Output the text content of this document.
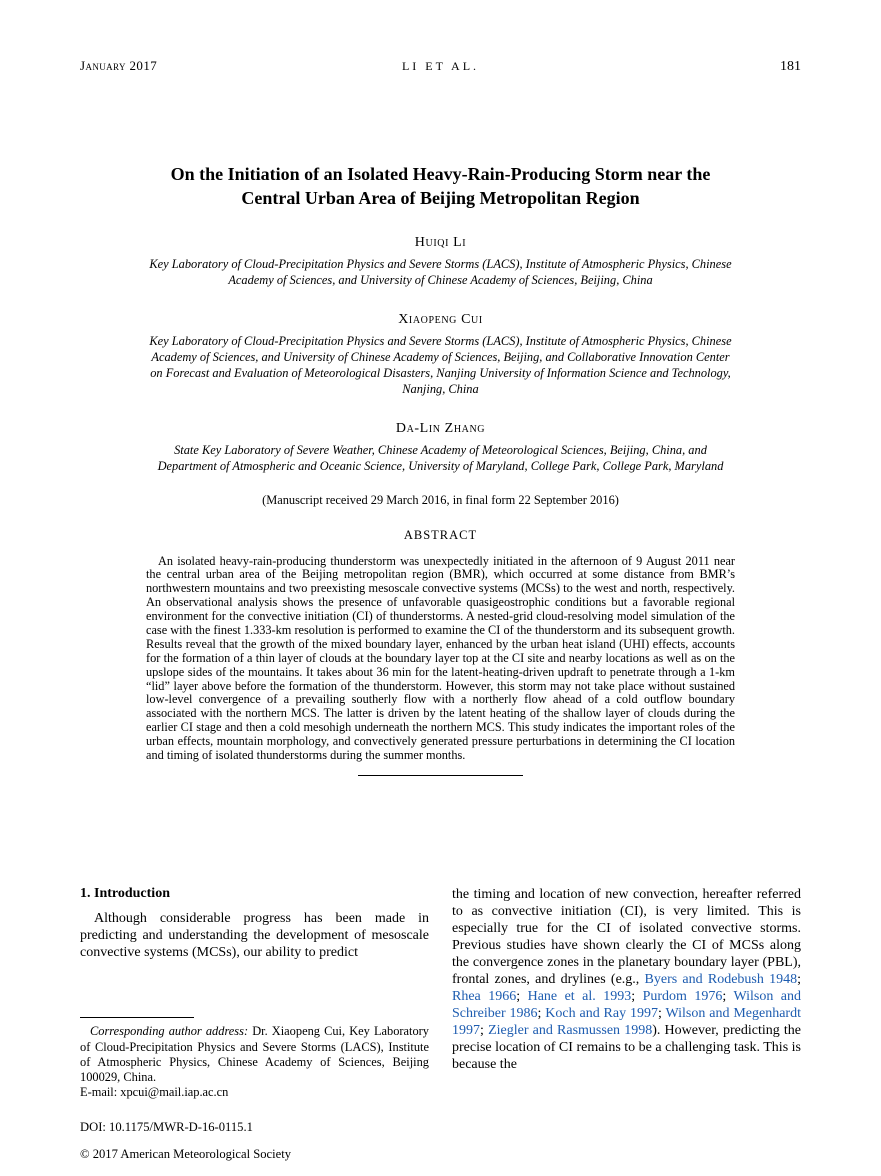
January 2017	LI ET AL.	181
On the Initiation of an Isolated Heavy-Rain-Producing Storm near the Central Urban Area of Beijing Metropolitan Region
Huiqi Li

Key Laboratory of Cloud-Precipitation Physics and Severe Storms (LACS), Institute of Atmospheric Physics, Chinese Academy of Sciences, and University of Chinese Academy of Sciences, Beijing, China

Xiaopeng Cui

Key Laboratory of Cloud-Precipitation Physics and Severe Storms (LACS), Institute of Atmospheric Physics, Chinese Academy of Sciences, and University of Chinese Academy of Sciences, Beijing, and Collaborative Innovation Center on Forecast and Evaluation of Meteorological Disasters, Nanjing University of Information Science and Technology, Nanjing, China

Da-Lin Zhang

State Key Laboratory of Severe Weather, Chinese Academy of Meteorological Sciences, Beijing, China, and Department of Atmospheric and Oceanic Science, University of Maryland, College Park, College Park, Maryland

(Manuscript received 29 March 2016, in final form 22 September 2016)

ABSTRACT

An isolated heavy-rain-producing thunderstorm was unexpectedly initiated in the afternoon of 9 August 2011 near the central urban area of the Beijing metropolitan region (BMR), which occurred at some distance from BMR’s northwestern mountains and two preexisting mesoscale convective systems (MCSs) to the west and north, respectively. An observational analysis shows the presence of unfavorable quasigeostrophic conditions but a favorable regional environment for the convective initiation (CI) of thunderstorms. A nested-grid cloud-resolving model simulation of the case with the finest 1.333-km resolution is performed to examine the CI of the thunderstorm and its subsequent growth. Results reveal that the growth of the mixed boundary layer, enhanced by the urban heat island (UHI) effects, accounts for the formation of a thin layer of clouds at the boundary layer top at the CI site and nearby locations as well as on the upslope sides of the mountains. It takes about 36 min for the latent-heating-driven updraft to penetrate through a 1-km “lid” layer above before the formation of the thunderstorm. However, this storm may not take place without sustained low-level convergence of a prevailing southerly flow with a northerly flow ahead of a cold outflow boundary associated with the northern MCS. The latter is driven by the latent heating of the shallow layer of clouds during the earlier CI stage and then a cold mesohigh underneath the northern MCS. This study indicates the important roles of the urban effects, mountain morphology, and convectively generated pressure perturbations in determining the CI location and timing of isolated thunderstorms during the summer months.

1. Introduction

Although considerable progress has been made in predicting and understanding the development of mesoscale convective systems (MCSs), our ability to predict

Corresponding author address: Dr. Xiaopeng Cui, Key Laboratory of Cloud-Precipitation Physics and Severe Storms (LACS), Institute of Atmospheric Physics, Chinese Academy of Sciences, Beijing 100029, China.

E-mail: xpcui@mail.iap.ac.cn

DOI: 10.1175/MWR-D-16-0115.1

© 2017 American Meteorological Society

the timing and location of new convection, hereafter referred to as convective initiation (CI), is very limited. This is especially true for the CI of isolated convective storms. Previous studies have shown clearly the CI of MCSs along the convergence zones in the planetary boundary layer (PBL), frontal zones, and drylines (e.g., Byers and Rodebush 1948; Rhea 1966; Hane et al. 1993; Purdom 1976; Wilson and Schreiber 1986; Koch and Ray 1997; Wilson and Megenhardt 1997; Ziegler and Rasmussen 1998). However, predicting the precise location of CI remains to be a challenging task. This is because the
